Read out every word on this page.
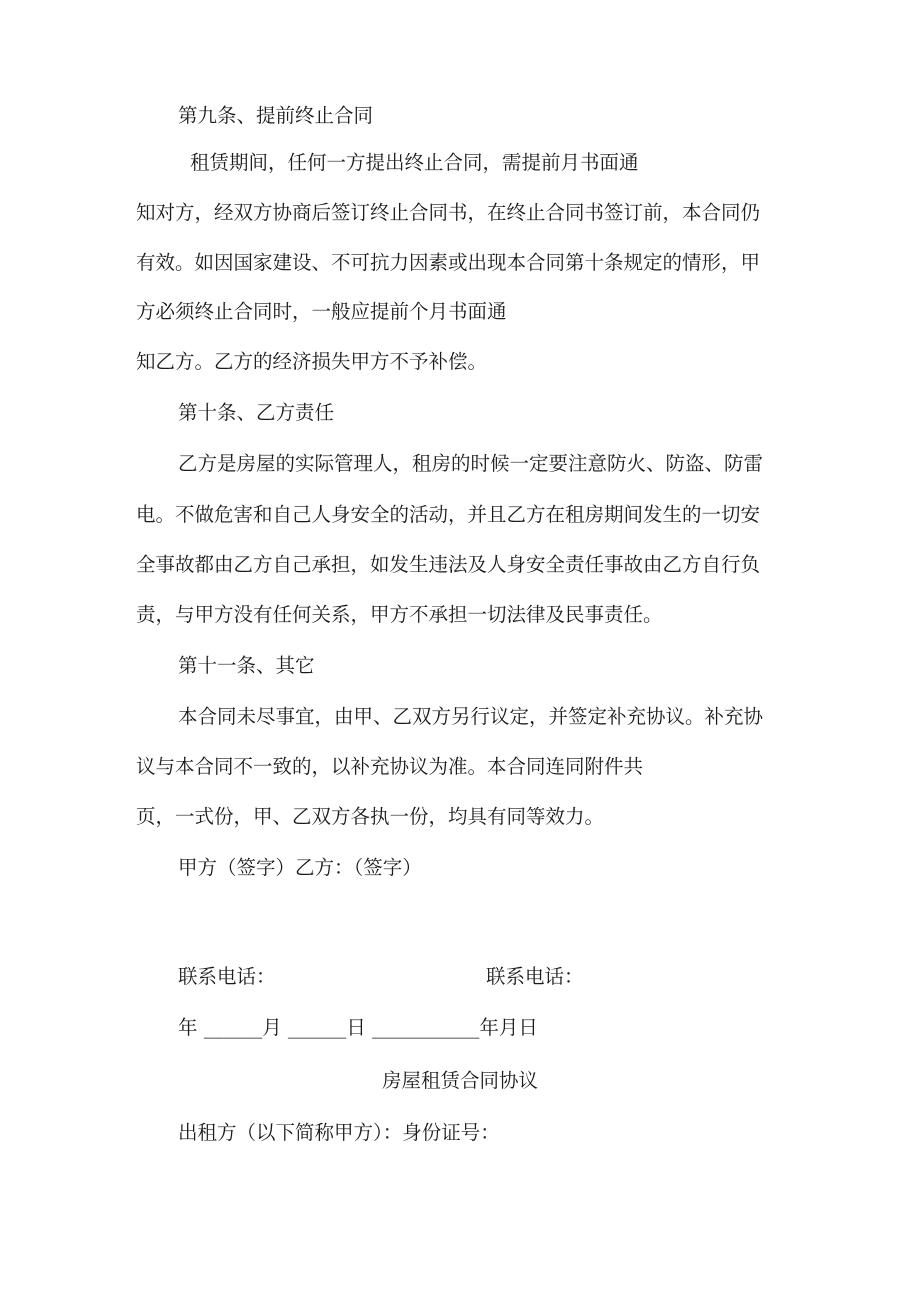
第九条、提前终止合同
租赁期间，任何一方提出终止合同，需提前月书面通
知对方，经双方协商后签订终止合同书，在终止合同书签订前，本合同仍
有效。如因国家建设、不可抗力因素或出现本合同第十条规定的情形，甲
方必须终止合同时，一般应提前个月书面通
知乙方。乙方的经济损失甲方不予补偿。
第十条、乙方责任
乙方是房屋的实际管理人，租房的时候一定要注意防火、防盗、防雷
电。不做危害和自己人身安全的活动，并且乙方在租房期间发生的一切安
全事故都由乙方自己承担，如发生违法及人身安全责任事故由乙方自行负
责，与甲方没有任何关系，甲方不承担一切法律及民事责任。
第十一条、其它
本合同未尽事宜，由甲、乙双方另行议定，并签定补充协议。补充协
议与本合同不一致的，以补充协议为准。本合同连同附件共
页，一式份，甲、乙双方各执一份，均具有同等效力。
甲方（签字）乙方：（签字）
联系电话：	联系电话：
年 ______月 ______日 ___________年月日
房屋租赁合同协议
出租方（以下简称甲方）：身份证号：
